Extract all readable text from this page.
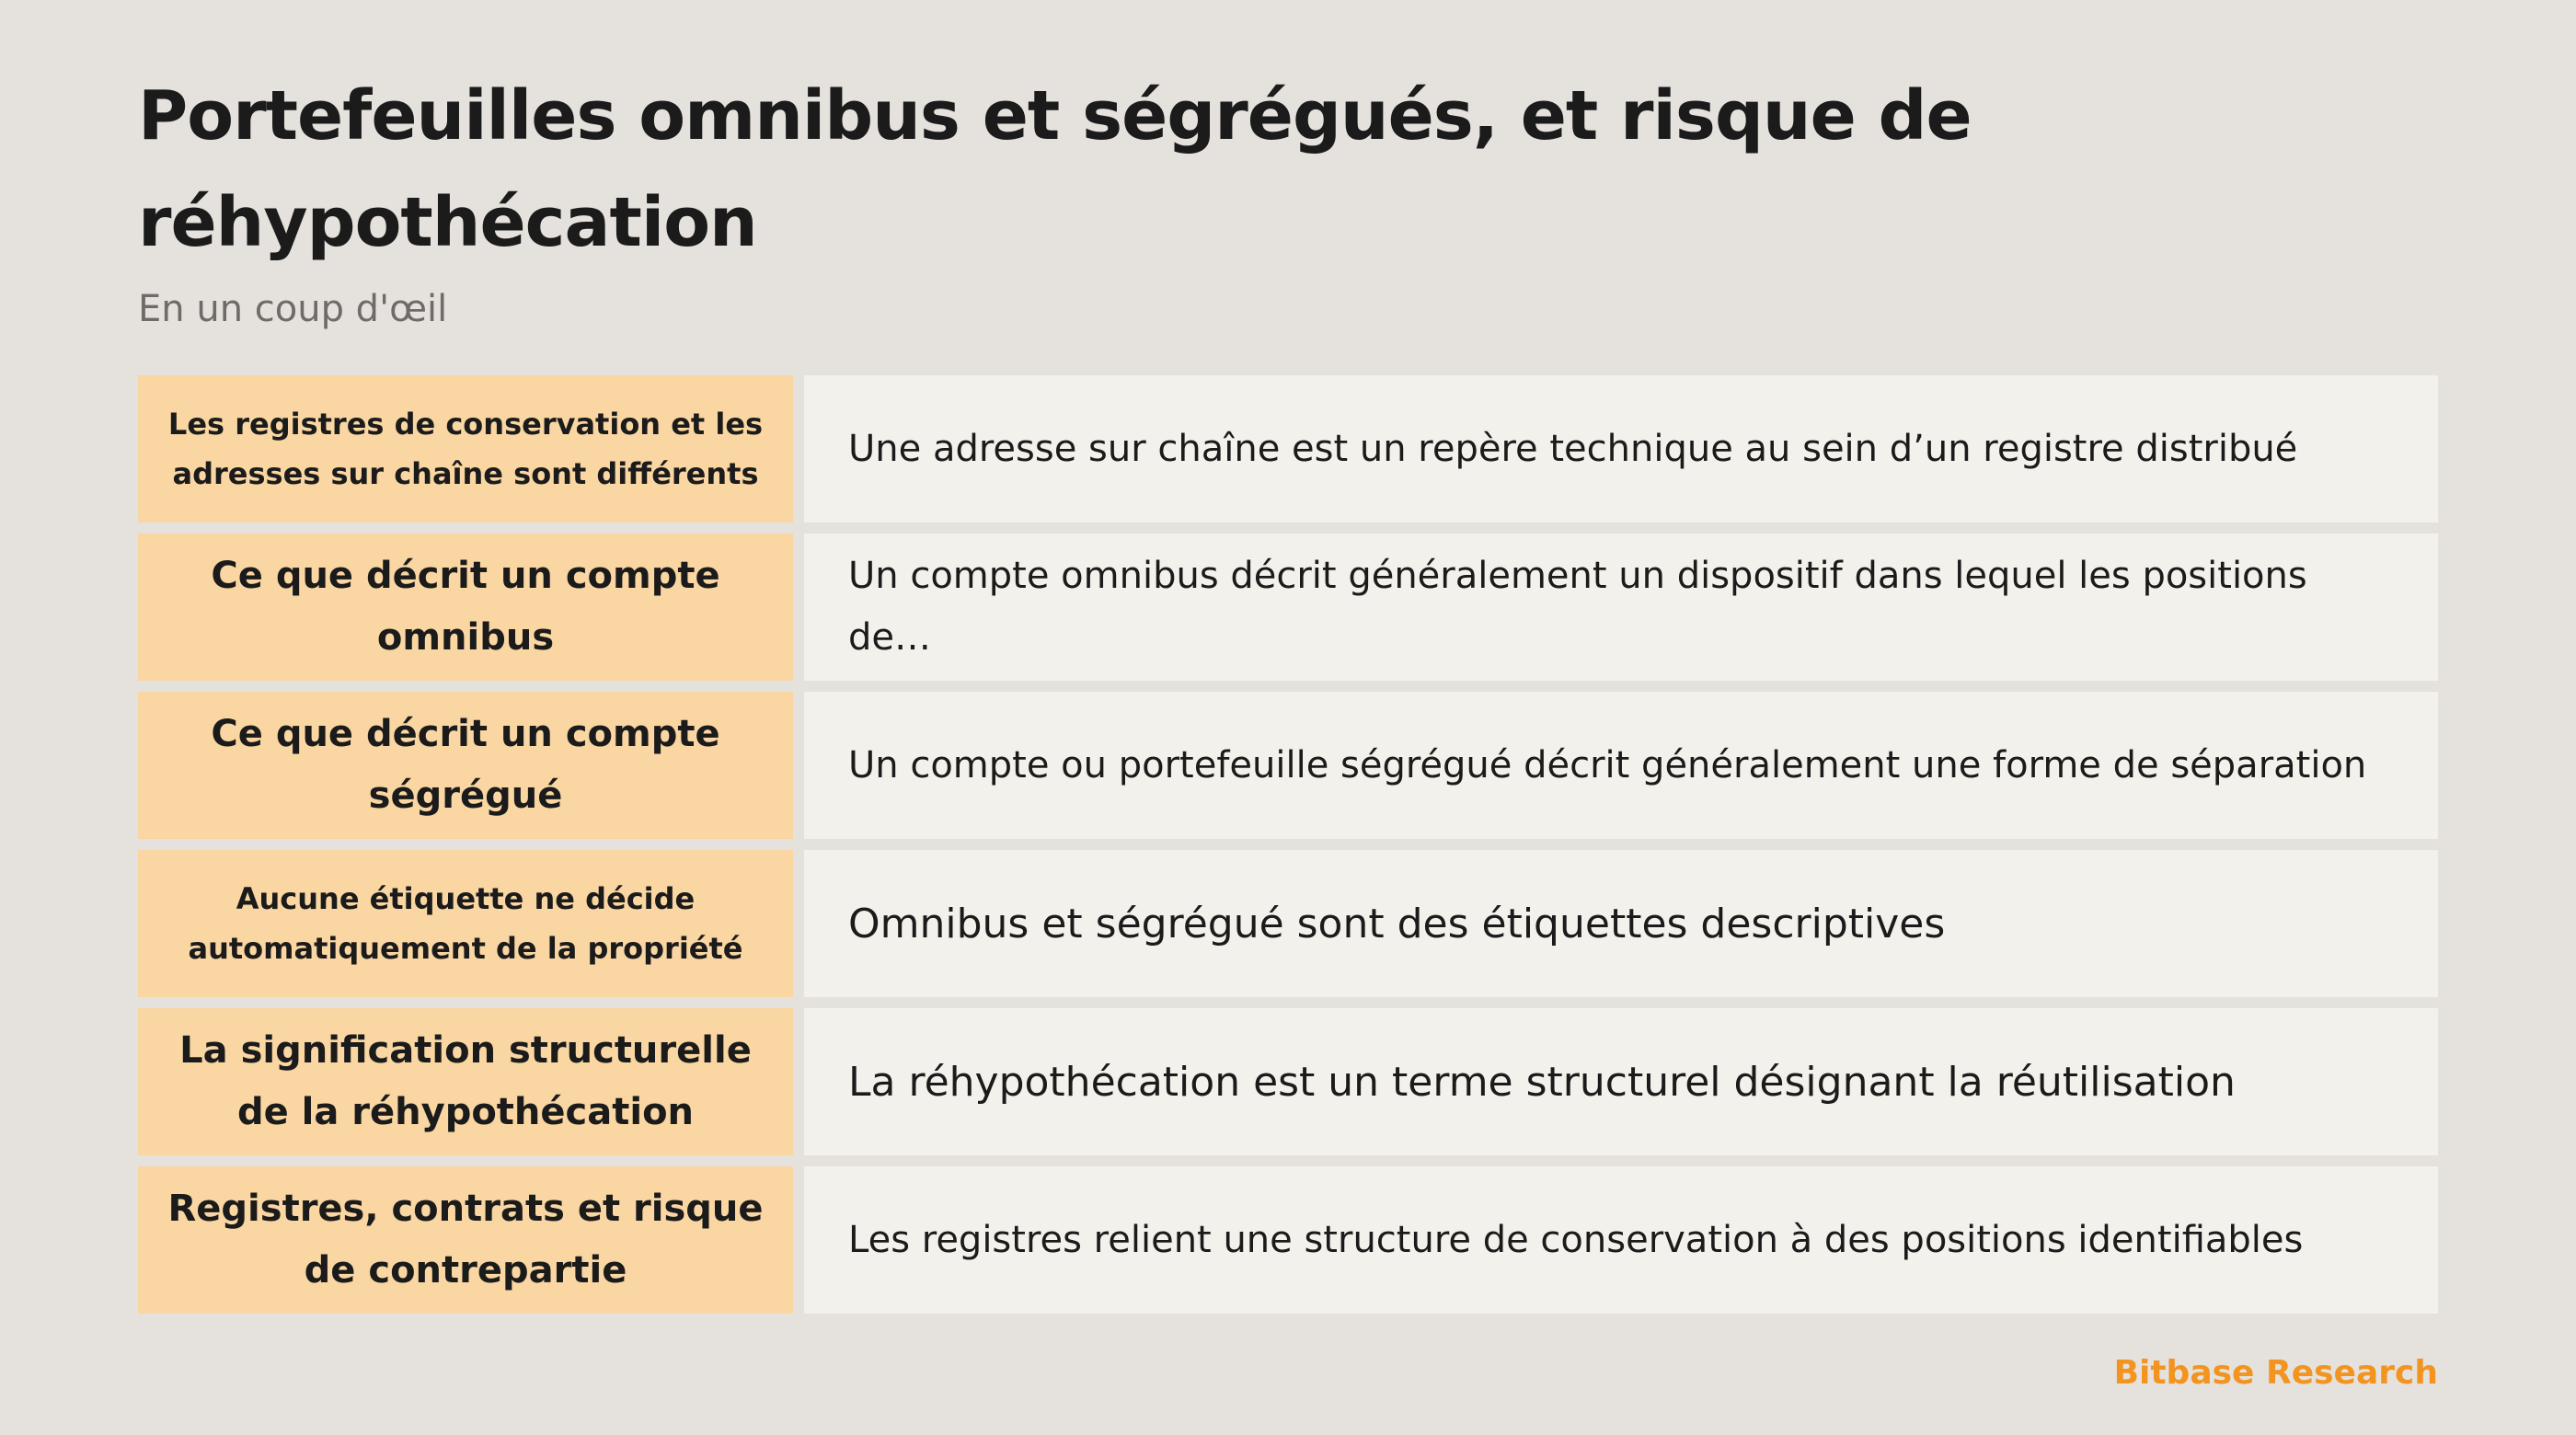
Portefeuilles omnibus et ségrégués, et risque de réhypothécation

En un coup d'œil

Les registres de conservation et les adresses sur chaîne sont différents
Une adresse sur chaîne est un repère technique au sein d’un registre distribué
Ce que décrit un compte omnibus
Un compte omnibus décrit généralement un dispositif dans lequel les positions de…
Ce que décrit un compte ségrégué
Un compte ou portefeuille ségrégué décrit généralement une forme de séparation
Aucune étiquette ne décide automatiquement de la propriété
Omnibus et ségrégué sont des étiquettes descriptives
La signification structurelle de la réhypothécation
La réhypothécation est un terme structurel désignant la réutilisation
Registres, contrats et risque de contrepartie
Les registres relient une structure de conservation à des positions identifiables

Bitbase Research
